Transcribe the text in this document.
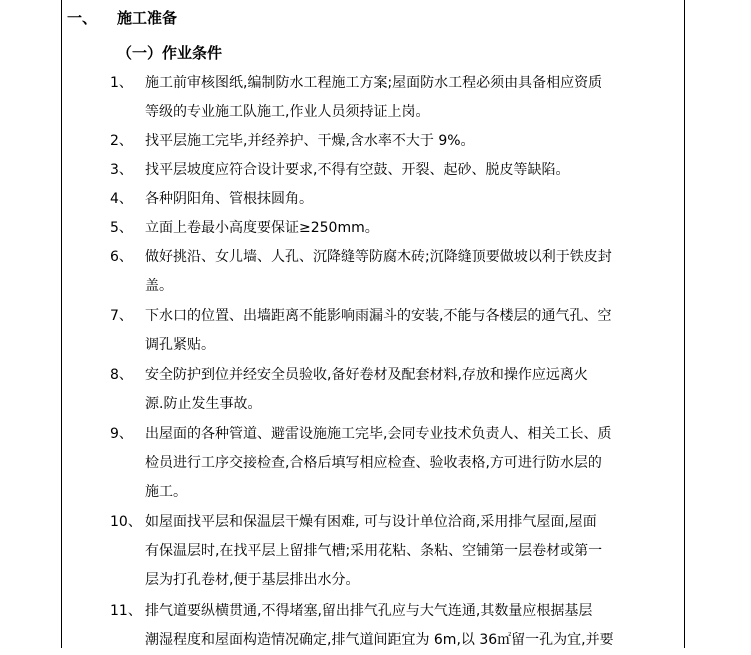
一、 施工准备
（一）作业条件
1、 施工前审核图纸,编制防水工程施工方案;屋面防水工程必须由具备相应资质
等级的专业施工队施工,作业人员须持证上岗。
2、 找平层施工完毕,并经养护、干燥,含水率不大于 9%。
3、 找平层坡度应符合设计要求,不得有空鼓、开裂、起砂、脱皮等缺陷。
4、 各种阴阳角、管根抹圆角。
5、 立面上卷最小高度要保证≥250mm。
6、 做好挑沿、女儿墙、人孔、沉降缝等防腐木砖;沉降缝顶要做坡以利于铁皮封
盖。
7、 下水口的位置、出墙距离不能影响雨漏斗的安装,不能与各楼层的通气孔、空
调孔紧贴。
8、 安全防护到位并经安全员验收,备好卷材及配套材料,存放和操作应远离火
源.防止发生事故。
9、 出屋面的各种管道、避雷设施施工完毕,会同专业技术负责人、相关工长、质
检员进行工序交接检查,合格后填写相应检查、验收表格,方可进行防水层的
施工。
10、 如屋面找平层和保温层干燥有困难, 可与设计单位洽商,采用排气屋面,屋面
有保温层时,在找平层上留排气槽;采用花粘、条粘、空铺第一层卷材或第一
层为打孔卷材,便于基层排出水分。
11、 排气道要纵横贯通,不得堵塞,留出排气孔应与大气连通,其数量应根据基层
潮湿程度和屋面构造情况确定,排气道间距宜为 6m,以 36㎡留一孔为宜,并要
